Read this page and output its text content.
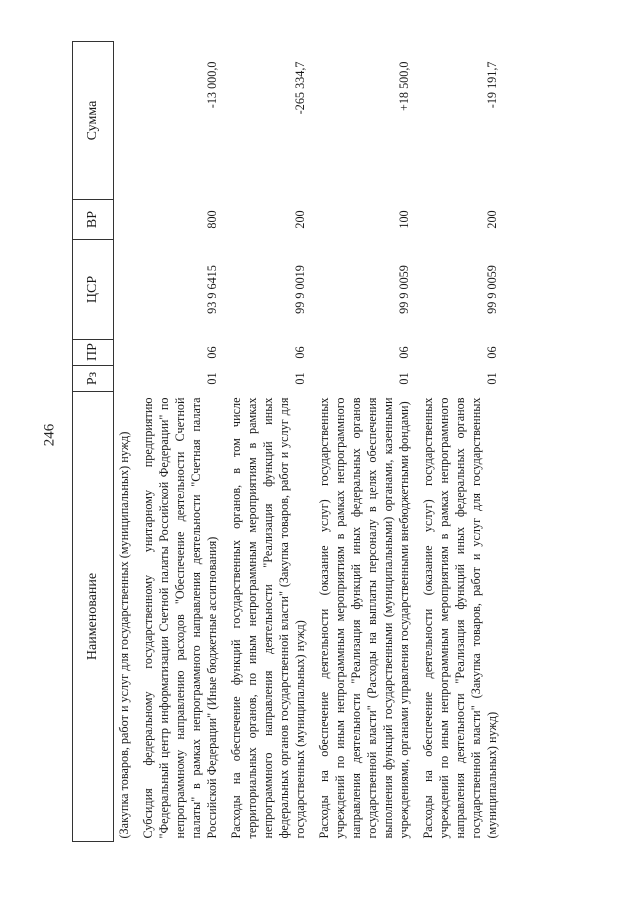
246
Наименование	Рз	ПР	ЦСР	ВР	Сумма
(Закупка товаров, работ и услуг для государственных (муниципальных) нужд)					
Субсидия федеральному государственному унитарному предприятию "Федеральный центр информатизации Счетной палаты Российской Федерации" по непрограммному направлению расходов "Обеспечение деятельности Счетной палаты" в рамках непрограммного направления деятельности "Счетная палата Российской Федерации" (Иные бюджетные ассигнования)	01	06	93 9 6415	800	-13 000,0
Расходы на обеспечение функций государственных органов, в том числе территориальных органов, по иным непрограммным мероприятиям в рамках непрограммного направления деятельности "Реализация функций иных федеральных органов государственной власти" (Закупка товаров, работ и услуг для государственных (муниципальных) нужд)	01	06	99 9 0019	200	-265 334,7
Расходы на обеспечение деятельности (оказание услуг) государственных учреждений по иным непрограммным мероприятиям в рамках непрограммного направления деятельности "Реализация функций иных федеральных органов государственной власти" (Расходы на выплаты персоналу в целях обеспечения выполнения функций государственными (муниципальными) органами, казенными учреждениями, органами управления государственными внебюджетными фондами)	01	06	99 9 0059	100	+18 500,0
Расходы на обеспечение деятельности (оказание услуг) государственных учреждений по иным непрограммным мероприятиям в рамках непрограммного направления деятельности "Реализация функций иных федеральных органов государственной власти" (Закупка товаров, работ и услуг для государственных (муниципальных) нужд)	01	06	99 9 0059	200	-19 191,7
